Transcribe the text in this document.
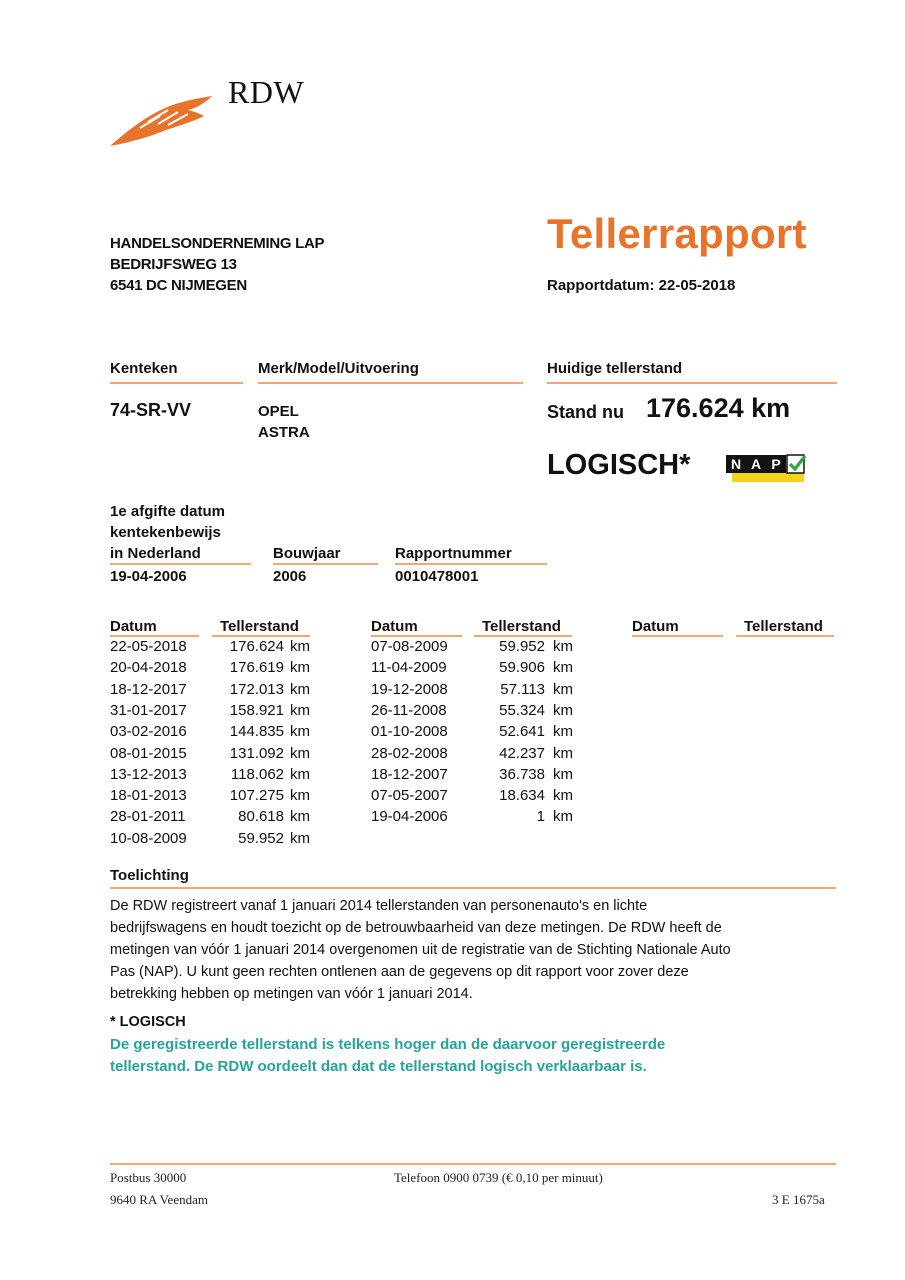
RDW
HANDELSONDERNEMING LAP
BEDRIJFSWEG 13
6541 DC NIJMEGEN
Tellerrapport
Rapportdatum: 22-05-2018
Kenteken	Merk/Model/Uitvoering	Huidige tellerstand
74-SR-VV	OPEL
ASTRA
Stand nu 176.624 km
LOGISCH*	N A P
1e afgifte datum
kentekenbewijs
in Nederland	Bouwjaar	Rapportnummer
19-04-2006	2006	0010478001
Datum	Tellerstand	Datum	Tellerstand	Datum	Tellerstand
22-05-2018	176.624 km
20-04-2018	176.619 km
18-12-2017	172.013 km
31-01-2017	158.921 km
03-02-2016	144.835 km
08-01-2015	131.092 km
13-12-2013	118.062 km
18-01-2013	107.275 km
28-01-2011	80.618 km
10-08-2009	59.952 km
07-08-2009	59.952 km
11-04-2009	59.906 km
19-12-2008	57.113 km
26-11-2008	55.324 km
01-10-2008	52.641 km
28-02-2008	42.237 km
18-12-2007	36.738 km
07-05-2007	18.634 km
19-04-2006	1 km
Toelichting
De RDW registreert vanaf 1 januari 2014 tellerstanden van personenauto's en lichte
bedrijfswagens en houdt toezicht op de betrouwbaarheid van deze metingen. De RDW heeft de
metingen van vóór 1 januari 2014 overgenomen uit de registratie van de Stichting Nationale Auto
Pas (NAP). U kunt geen rechten ontlenen aan de gegevens op dit rapport voor zover deze
betrekking hebben op metingen van vóór 1 januari 2014.
* LOGISCH
De geregistreerde tellerstand is telkens hoger dan de daarvoor geregistreerde
tellerstand. De RDW oordeelt dan dat de tellerstand logisch verklaarbaar is.
Postbus 30000
9640 RA Veendam
Telefoon 0900 0739 (€ 0,10 per minuut)
3 E 1675a
